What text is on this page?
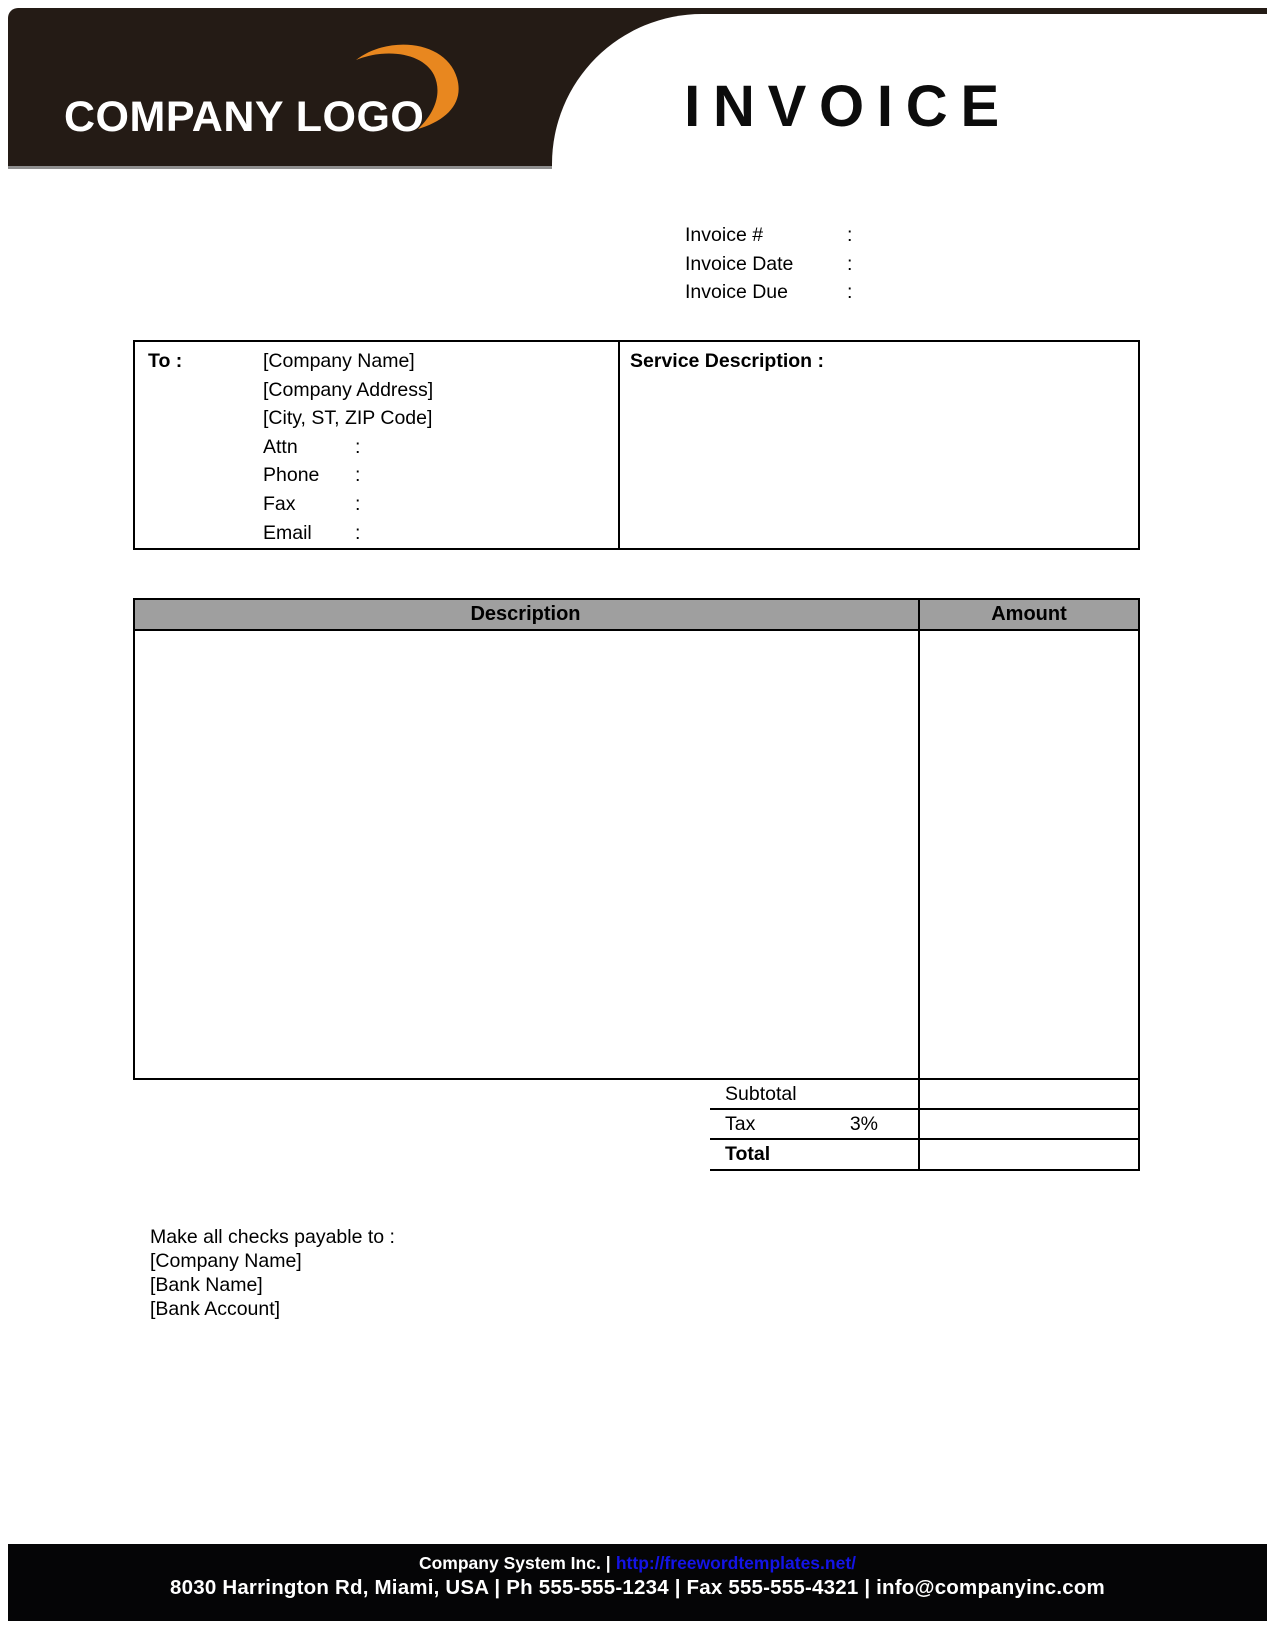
COMPANY LOGO	INVOICE
Invoice #	:
Invoice Date	:
Invoice Due	:
To :	[Company Name]
[Company Address]
[City, ST, ZIP Code]
Attn	:
Phone	:
Fax	:
Email	:
Service Description :
Description	Amount
Subtotal
Tax	3%
Total
Make all checks payable to :
[Company Name]
[Bank Name]
[Bank Account]
Company System Inc. | http://freewordtemplates.net/
8030 Harrington Rd, Miami, USA | Ph 555-555-1234 | Fax 555-555-4321 | info@companyinc.com
